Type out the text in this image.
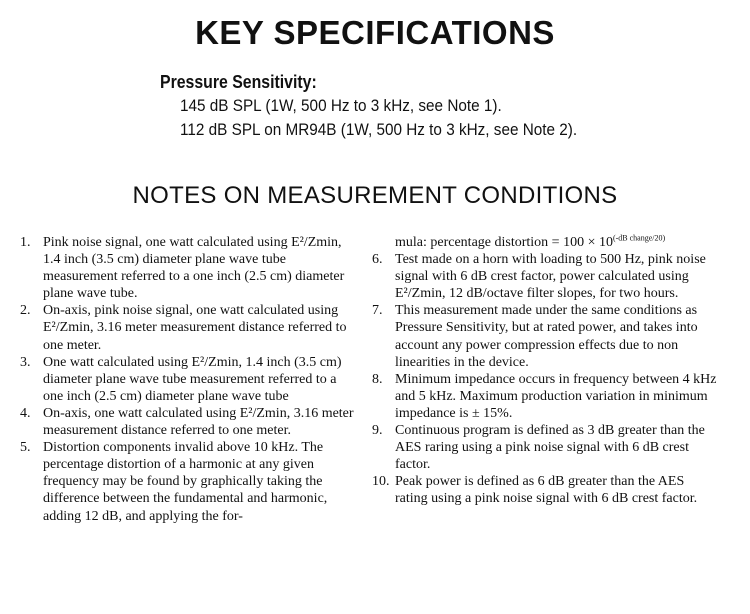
KEY SPECIFICATIONS
Pressure Sensitivity:
145 dB SPL (1W, 500 Hz to 3 kHz, see Note 1).
112 dB SPL on MR94B (1W, 500 Hz to 3 kHz, see Note 2).
NOTES ON MEASUREMENT CONDITIONS
1. Pink noise signal, one watt calculated using E²/Zmin, 1.4 inch (3.5 cm) diameter plane wave tube measurement referred to a one inch (2.5 cm) diameter plane wave tube.
2. On-axis, pink noise signal, one watt calculated using E²/Zmin, 3.16 meter measurement distance referred to one meter.
3. One watt calculated using E²/Zmin, 1.4 inch (3.5 cm) diameter plane wave tube measurement referred to a one inch (2.5 cm) diameter plane wave tube
4. On-axis, one watt calculated using E²/Zmin, 3.16 meter measurement distance referred to one meter.
5. Distortion components invalid above 10 kHz. The percentage distortion of a harmonic at any given frequency may be found by graphically taking the difference between the fundamental and harmonic, adding 12 dB, and applying the for-
mula: percentage distortion = $100 \times 10^{(-dB change/20)}$
6. Test made on a horn with loading to 500 Hz, pink noise signal with 6 dB crest factor, power calculated using E²/Zmin, 12 dB/octave filter slopes, for two hours.
7. This measurement made under the same conditions as Pressure Sensitivity, but at rated power, and takes into account any power compression effects due to non linearities in the device.
8. Minimum impedance occurs in frequency between 4 kHz and 5 kHz. Maximum production variation in minimum impedance is ± 15%.
9. Continuous program is defined as 3 dB greater than the AES raring using a pink noise signal with 6 dB crest factor.
10. Peak power is defined as 6 dB greater than the AES rating using a pink noise signal with 6 dB crest factor.
